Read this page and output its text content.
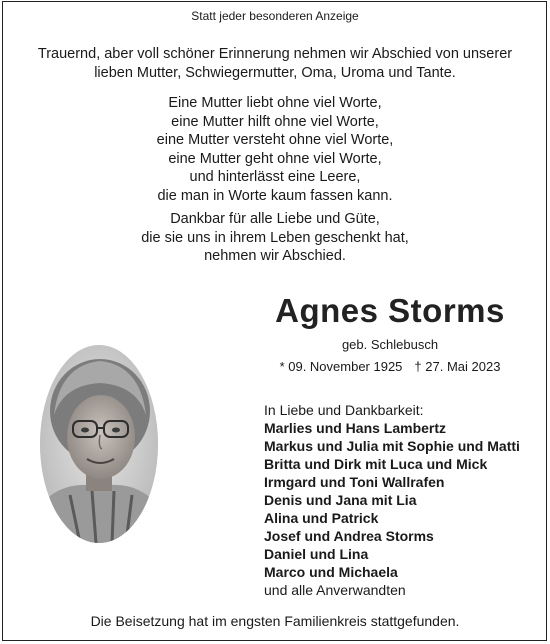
Statt jeder besonderen Anzeige
Trauernd, aber voll schöner Erinnerung nehmen wir Abschied von unserer
lieben Mutter, Schwiegermutter, Oma, Uroma und Tante.
Eine Mutter liebt ohne viel Worte,
eine Mutter hilft ohne viel Worte,
eine Mutter versteht ohne viel Worte,
eine Mutter geht ohne viel Worte,
und hinterlässt eine Leere,
die man in Worte kaum fassen kann.
Dankbar für alle Liebe und Güte,
die sie uns in ihrem Leben geschenkt hat,
nehmen wir Abschied.
Agnes Storms
geb. Schlebusch
* 09. November 1925 † 27. Mai 2023
In Liebe und Dankbarkeit:
Marlies und Hans Lambertz
Markus und Julia mit Sophie und Matti
Britta und Dirk mit Luca und Mick
Irmgard und Toni Wallrafen
Denis und Jana mit Lia
Alina und Patrick
Josef und Andrea Storms
Daniel und Lina
Marco und Michaela
und alle Anverwandten
Die Beisetzung hat im engsten Familienkreis stattgefunden.
